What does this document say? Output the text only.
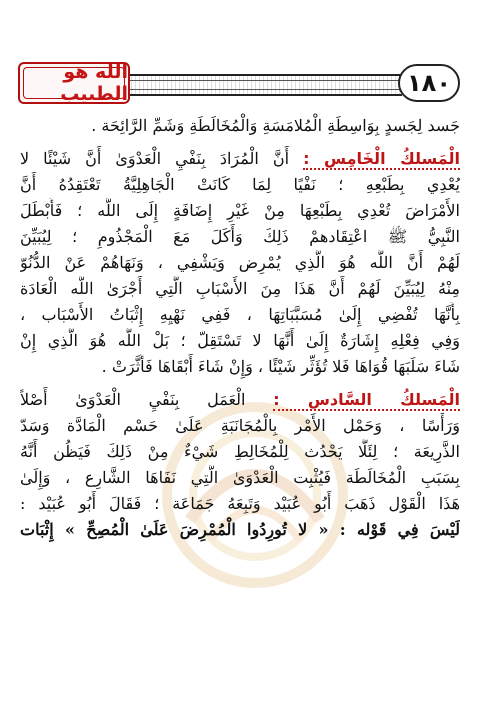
الله هو الطبيب	١٨٠
جَسد لِجَسدٍ بِوَاسِطَةِ الْمُلامَسَةِ وَالْمُخَالَطَةِ وَشَمِّ الرَّائِحَة .
الْمَسلكُ الْخَامِس : أَنَّ الْمُرَادَ بِنَفْيِ الْعَدْوَىٰ أَنَّ شَيْئًا لا
يُعْدِي بِطَبْعِهِ ؛ نَفْيًا لِمَا كَانَتْ الْجَاهِلِيَّةُ تَعْتَقِدُهُ أَنَّ
الأَمْرَاضَ تُعْدِي بِطَبْعِهَا مِنْ غَيْرِ إِضَافَةٍ إِلَى اللَّه ؛ فَأَبْطَلَ
النَّبِيُّ ﷺ اعْتِقَادهمْ ذَلِكَ وَأَكَلَ مَعَ الْمَجْذُومِ ؛ لِيُبَيِّنَ
لَهُمْ أَنَّ اللَّه هُوَ الَّذِي يُمْرِض وَيَشْفِي ، وَنَهَاهُمْ عَنْ الدُّنُوّ
مِنْهُ لِيُبَيِّنَ لَهُمْ أَنَّ هَذَا مِنَ الأَسْبَابِ الَّتِي أَجْرَىٰ اللَّه الْعَادَة
بِأَنَّهَا تُفْضِي إِلَىٰ مُسَبَّبَاتِهَا ، فَفِي نَهْيِهِ إِثْبَاتُ الأَسْبَاب ،
وَفِي فِعْلِهِ إِشَارَةٌ إِلَىٰ أَنَّهَا لا تَسْتَقِلّ ؛ بَلْ اللَّه هُوَ الَّذِي إِنْ
شَاءَ سَلَبَهَا قُوَاهَا فَلا تُؤَثِّر شَيْئًا ، وَإِنْ شَاءَ أَبْقَاهَا فَأَثَّرَتْ .
الْمَسلكُ السَّادس : الْعَمَل بِنَفْيِ الْعَدْوَىٰ أَصْلاً
وَرَأْسًا ، وَحَمْل الأَمْر بِالْمُجَانَبَةِ عَلَىٰ حَسْم الْمَادَّة وَسَدّ
الذَّرِيعَة ؛ لِئَلَّا يَحْدُث لِلْمُخَالِطِ شَيْءٌ مِنْ ذَلِكَ فَيَظُن أَنَّهُ
بِسَبَبِ الْمُخَالَطَة فَيُثْبِت الْعَدْوَىٰ الَّتِي نَفَاهَا الشَّارِع ، وَإِلَىٰ
هَذَا الْقَوْل ذَهَبَ أَبُو عُبَيْد وَتَبِعَهُ جَمَاعَة ؛ فَقَالَ أَبُو عُبَيْد :
لَيْسَ فِي قَوْله : « لا تُورِدُوا الْمُمْرِضَ عَلَىٰ الْمُصِحِّ » إِثْبَات
